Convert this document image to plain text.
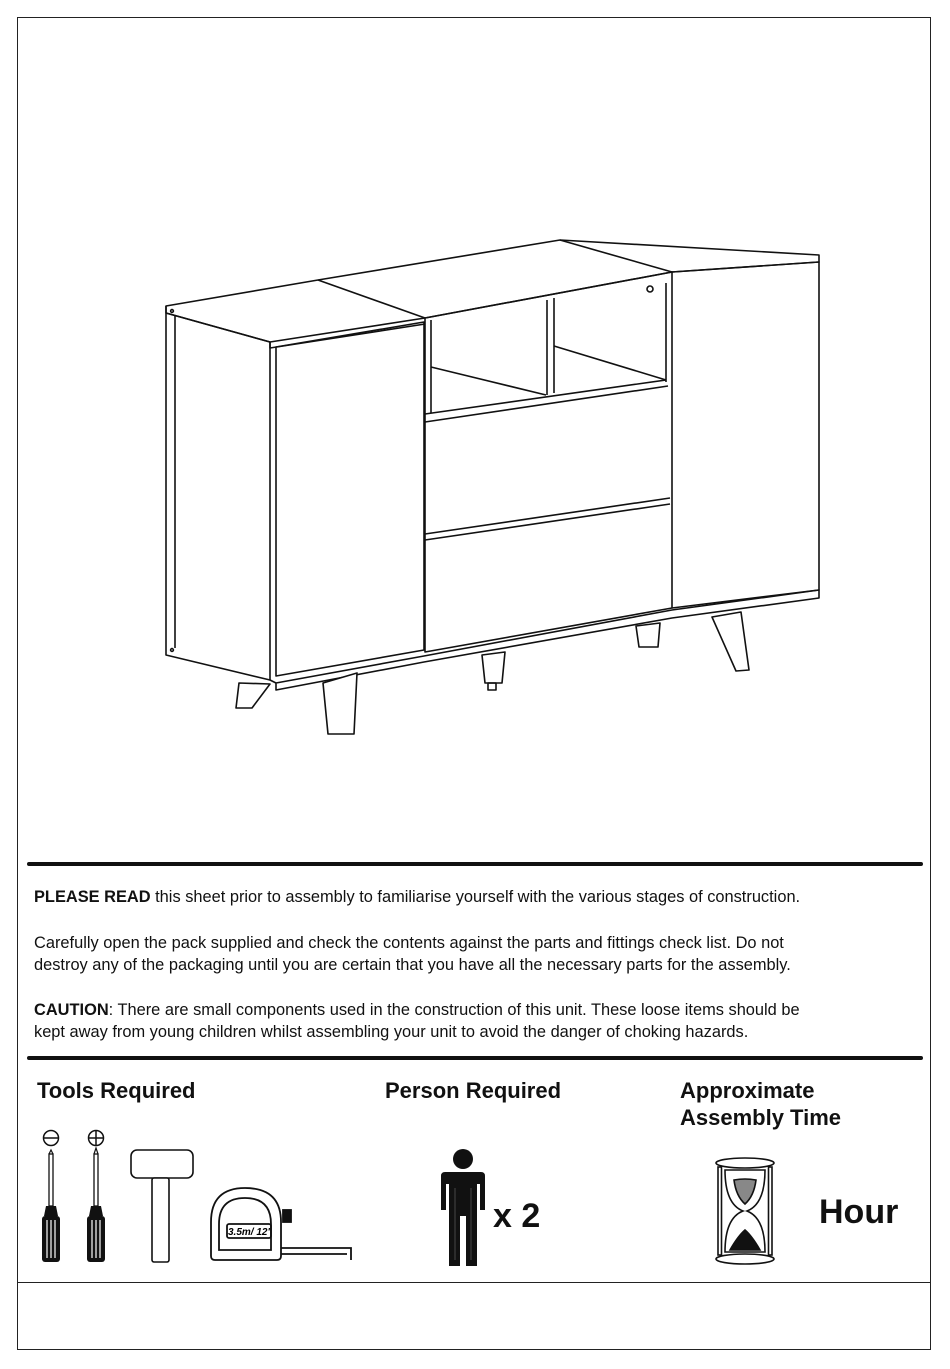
PLEASE READ this sheet prior to assembly to familiarise yourself with the various stages of construction.

Carefully open the pack supplied and check the contents against the parts and fittings check list. Do not
destroy any of the packaging until you are certain that you have all the necessary parts for the assembly.

CAUTION: There are small components used in the construction of this unit. These loose items should be
kept away from young children whilst assembling your unit to avoid the danger of choking hazards.

Tools Required
3.5m/ 12'
Person Required
x 2
Approximate
Assembly Time
Hour
